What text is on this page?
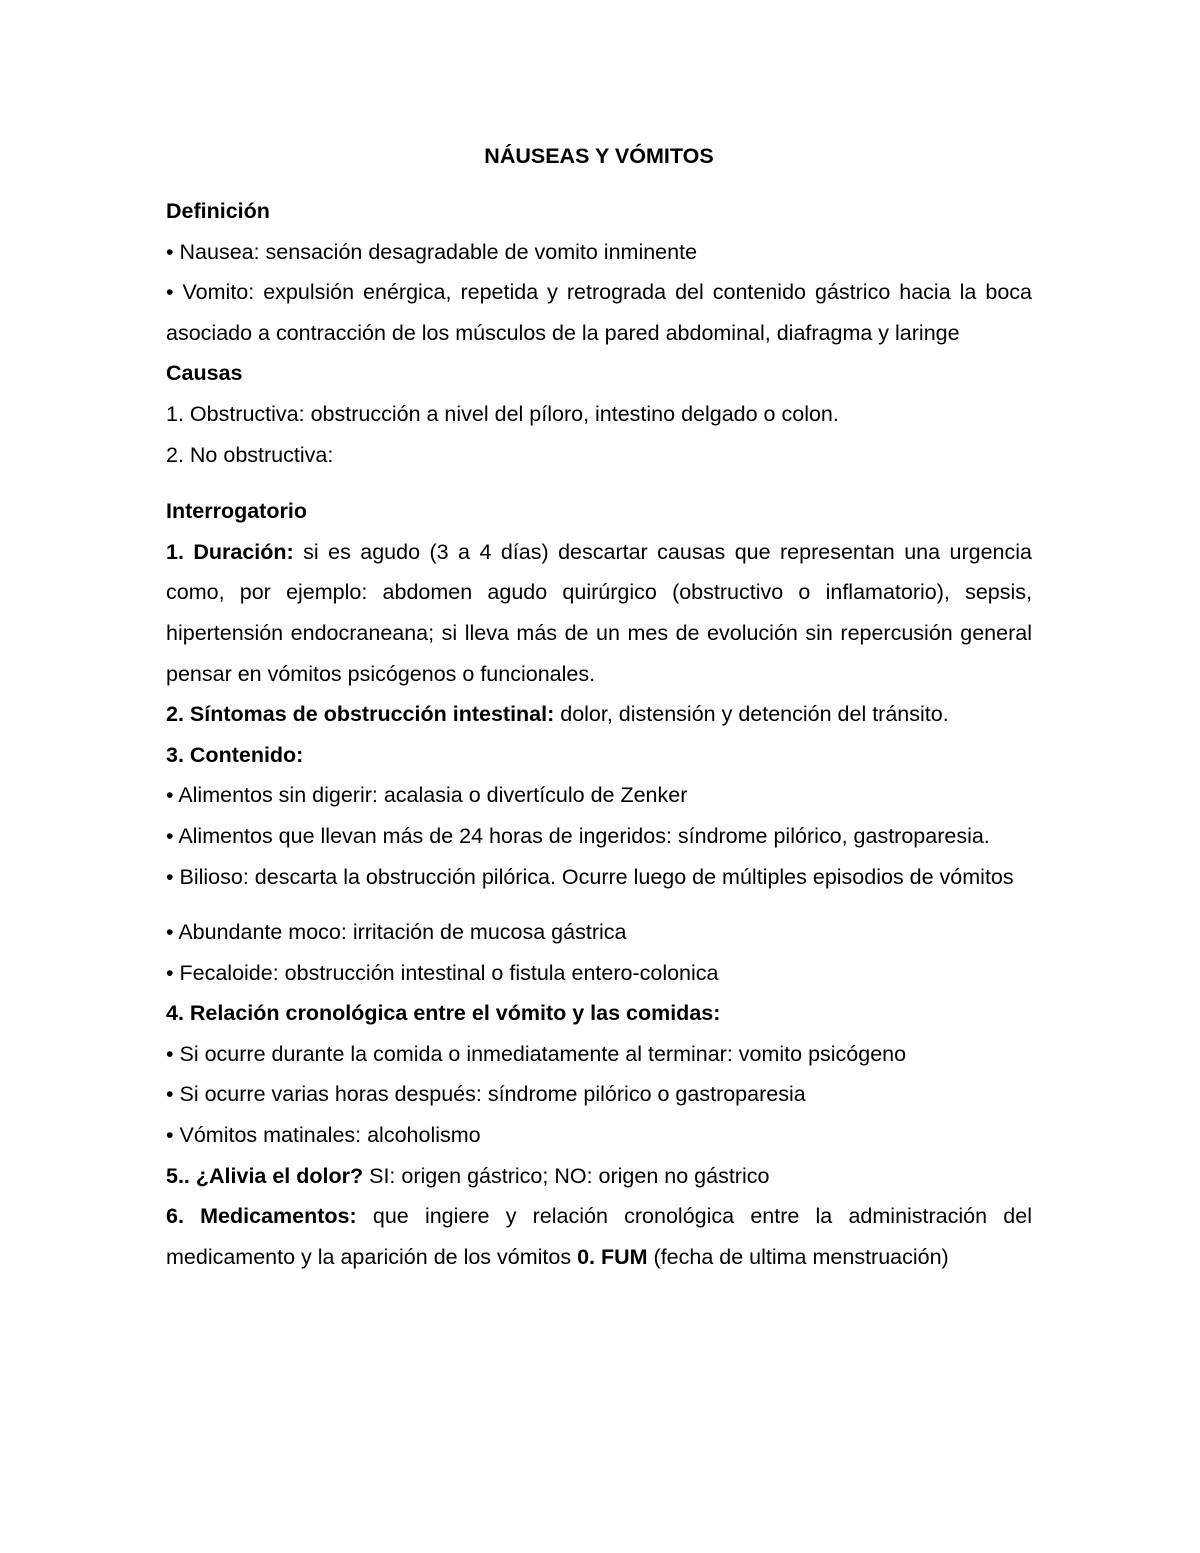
NÁUSEAS Y VÓMITOS

Definición

• Nausea: sensación desagradable de vomito inminente

• Vomito: expulsión enérgica, repetida y retrograda del contenido gástrico hacia la boca asociado a contracción de los músculos de la pared abdominal, diafragma y laringe

Causas

1. Obstructiva: obstrucción a nivel del píloro, intestino delgado o colon.

2. No obstructiva:

Interrogatorio

1. Duración: si es agudo (3 a 4 días) descartar causas que representan una urgencia como, por ejemplo: abdomen agudo quirúrgico (obstructivo o inflamatorio), sepsis, hipertensión endocraneana; si lleva más de un mes de evolución sin repercusión general pensar en vómitos psicógenos o funcionales.

2. Síntomas de obstrucción intestinal: dolor, distensión y detención del tránsito.

3. Contenido:

• Alimentos sin digerir: acalasia o divertículo de Zenker

• Alimentos que llevan más de 24 horas de ingeridos: síndrome pilórico, gastroparesia.

• Bilioso: descarta la obstrucción pilórica. Ocurre luego de múltiples episodios de vómitos

• Abundante moco: irritación de mucosa gástrica

• Fecaloide: obstrucción intestinal o fistula entero-colonica

4. Relación cronológica entre el vómito y las comidas:

• Si ocurre durante la comida o inmediatamente al terminar: vomito psicógeno

• Si ocurre varias horas después: síndrome pilórico o gastroparesia

• Vómitos matinales: alcoholismo

5.. ¿Alivia el dolor? SI: origen gástrico; NO: origen no gástrico

6. Medicamentos: que ingiere y relación cronológica entre la administración del medicamento y la aparición de los vómitos 0. FUM (fecha de ultima menstruación)
